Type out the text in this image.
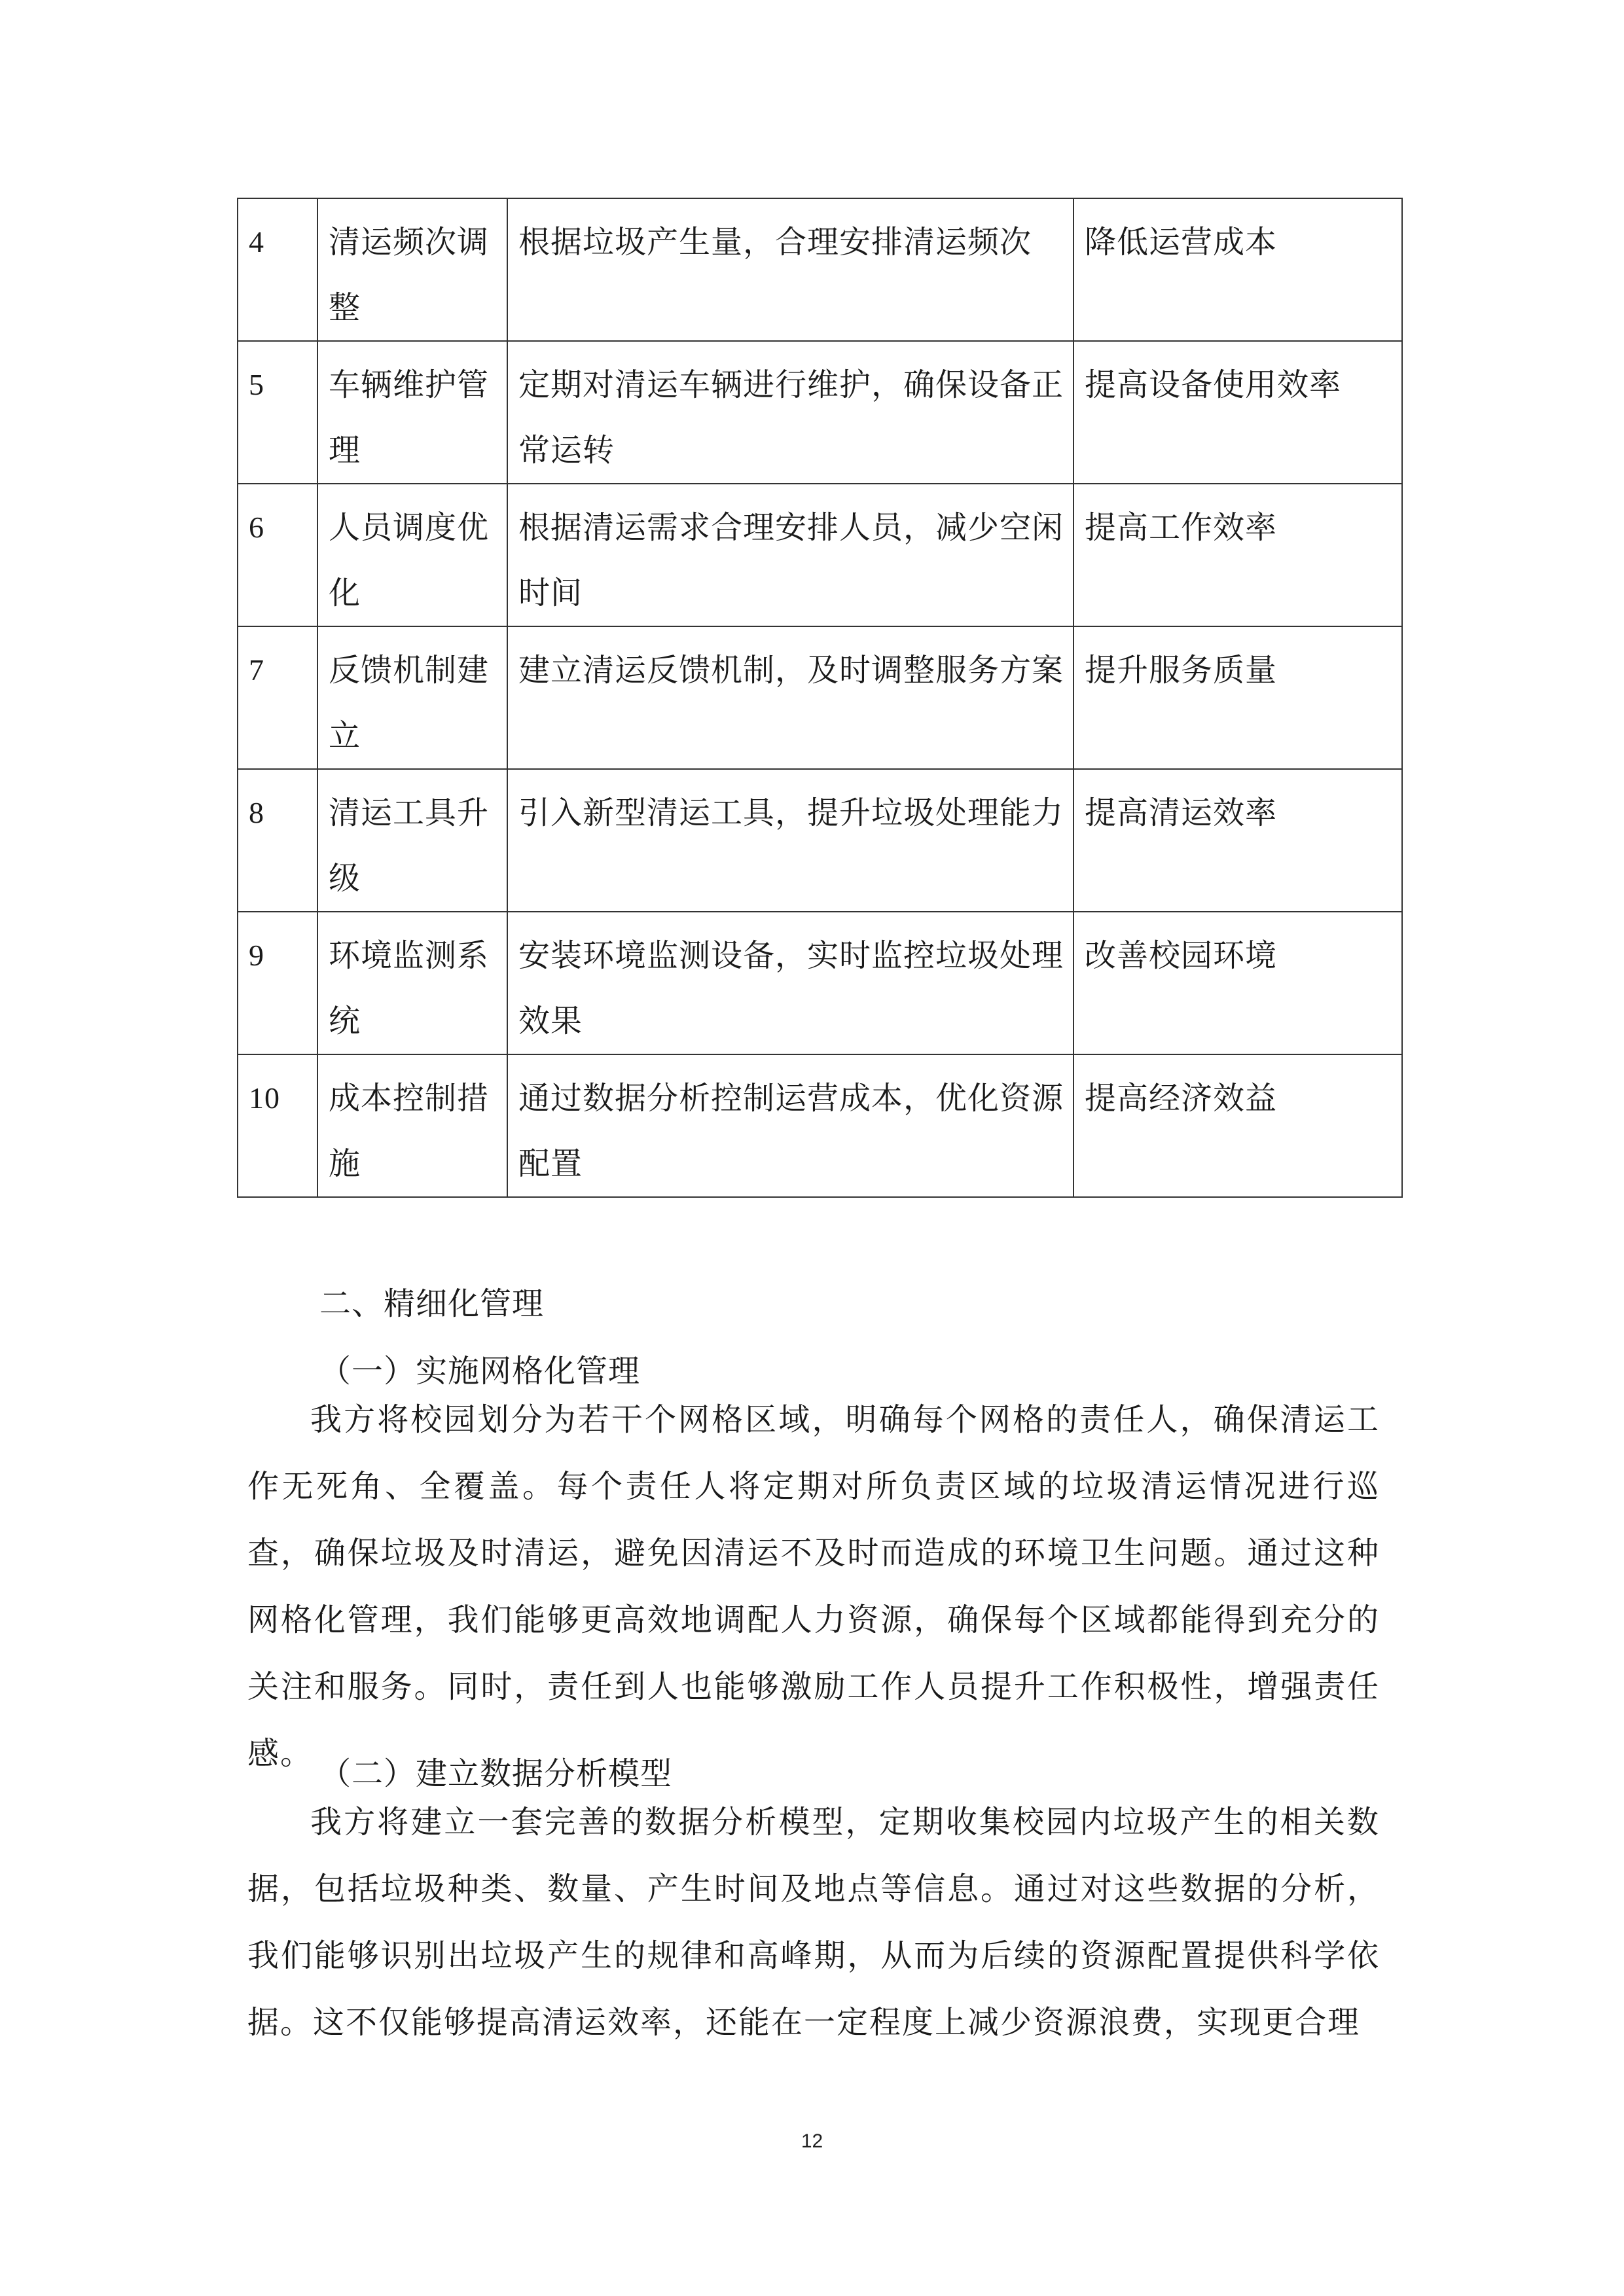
4	清运频次调整	根据垃圾产生量，合理安排清运频次	降低运营成本

5	车辆维护管理	定期对清运车辆进行维护，确保设备正常运转	提高设备使用效率

6	人员调度优化	根据清运需求合理安排人员，减少空闲时间	提高工作效率

7	反馈机制建立	建立清运反馈机制，及时调整服务方案	提升服务质量

8	清运工具升级	引入新型清运工具，提升垃圾处理能力	提高清运效率

9	环境监测系统	安装环境监测设备，实时监控垃圾处理效果	改善校园环境

10	成本控制措施	通过数据分析控制运营成本，优化资源配置	提高经济效益
二、精细化管理
（一）实施网格化管理

我方将校园划分为若干个网格区域，明确每个网格的责任人，确保清运工作无死角、全覆盖。每个责任人将定期对所负责区域的垃圾清运情况进行巡查，确保垃圾及时清运，避免因清运不及时而造成的环境卫生问题。通过这种网格化管理，我们能够更高效地调配人力资源，确保每个区域都能得到充分的关注和服务。同时，责任到人也能够激励工作人员提升工作积极性，增强责任感。

（二）建立数据分析模型

我方将建立一套完善的数据分析模型，定期收集校园内垃圾产生的相关数据，包括垃圾种类、数量、产生时间及地点等信息。通过对这些数据的分析，我们能够识别出垃圾产生的规律和高峰期，从而为后续的资源配置提供科学依据。这不仅能够提高清运效率，还能在一定程度上减少资源浪费，实现更合理

12
